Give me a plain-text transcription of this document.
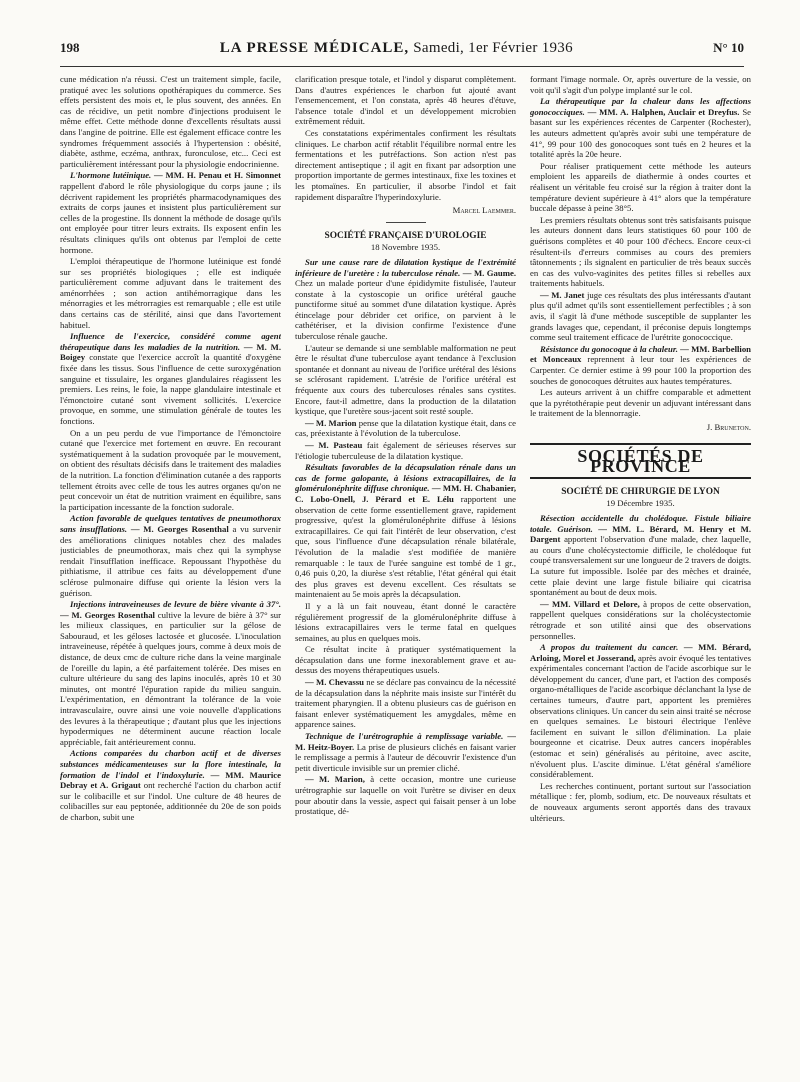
198	LA PRESSE MÉDICALE, Samedi, 1er Février 1936	N° 10

cune médication n'a réussi. C'est un traitement simple, facile, pratiqué avec les solutions opothérapiques du commerce. Ses effets persistent des mois et, le plus souvent, des années. En cas de récidive, un petit nombre d'injections produisent le même effet. Cette méthode donne d'excellents résultats aussi dans l'angine de poitrine. Elle est également efficace contre les syndromes fréquemment associés à l'hypertension : obésité, diabète, asthme, eczéma, anthrax, furonculose, etc... Ceci est particulièrement intéressant pour la physiologie endocrinienne.

L'hormone lutéinique. — MM. H. Penau et H. Simonnet rappellent d'abord le rôle physiologique du corps jaune ; ils décrivent rapidement les propriétés pharmacodynamiques des extraits de corps jaunes et insistent plus particulièrement sur celles de la progestine. Ils donnent la méthode de dosage qu'ils ont employée pour titrer leurs extraits. Ils exposent enfin les résultats cliniques qu'ils ont obtenus par l'emploi de cette hormone.

L'emploi thérapeutique de l'hormone lutéinique est fondé sur ses propriétés biologiques ; elle est indiquée particulièrement comme adjuvant dans le traitement des aménorrhées ; son action antihémorragique dans les ménorragies et les métrorragies est remarquable ; elle est utile dans certains cas de stérilité, ainsi que dans l'avortement habituel.

Influence de l'exercice, considéré comme agent thérapeutique dans les maladies de la nutrition. — M. M. Boigey constate que l'exercice accroît la quantité d'oxygène fixée dans les tissus. Sous l'influence de cette suroxygénation sanguine et tissulaire, les organes glandulaires réagissent les premiers. Les reins, le foie, la nappe glandulaire intestinale et l'émonctoire cutané sont vivement sollicités. L'exercice provoque, en somme, une stimulation générale de toutes les fonctions.

On a un peu perdu de vue l'importance de l'émonctoire cutané que l'exercice met fortement en œuvre. En recourant systématiquement à la sudation provoquée par le mouvement, on obtient des résultats décisifs dans le traitement des maladies de la nutrition. La fonction d'élimination cutanée a des rapports tellement étroits avec celle de tous les autres organes qu'on ne peut concevoir un état de nutrition vraiment en équilibre, sans la participation incessante de la fonction sudorale.

Action favorable de quelques tentatives de pneumothorax sans insufflations. — M. Georges Rosenthal a vu survenir des améliorations cliniques notables chez des malades justiciables de pneumothorax, mais chez qui la symphyse rendait l'insufflation inefficace. Repoussant l'hypothèse du pithiatisme, il attribue ces faits au développement d'une sclérose pulmonaire diffuse qui oriente la lésion vers la guérison.

Injections intraveineuses de levure de bière vivante à 37°. — M. Georges Rosenthal cultive la levure de bière à 37° sur les milieux classiques, en particulier sur la gélose de Sabouraud, et les géloses lactosée et glucosée. L'inoculation intraveineuse, répétée à quelques jours, comme à deux mois de distance, de deux cmc de culture riche dans la veine marginale de l'oreille du lapin, a été parfaitement tolérée. Des mises en culture ultérieure du sang des lapins inoculés, après 10 et 30 minutes, ont montré l'épuration rapide du milieu sanguin. L'expérimentation, en démontrant la tolérance de la voie intravasculaire, ouvre ainsi une voie nouvelle d'applications des levures à la thérapeutique ; d'autant plus que les injections hypodermiques ne déterminent aucune réaction locale appréciable, fait antérieurement connu.

Actions comparées du charbon actif et de diverses substances médicamenteuses sur la flore intestinale, la formation de l'indol et l'indoxylurie. — MM. Maurice Debray et A. Grigaut ont recherché l'action du charbon actif sur le colibacille et sur l'indol. Une culture de 48 heures de colibacilles sur eau peptonée, additionnée du 20e de son poids de charbon, subit une

clarification presque totale, et l'indol y disparut complètement. Dans d'autres expériences le charbon fut ajouté avant l'ensemencement, et l'on constata, après 48 heures d'étuve, l'absence totale d'indol et un développement microbien extrêmement réduit.

Ces constatations expérimentales confirment les résultats cliniques. Le charbon actif rétablit l'équilibre normal entre les fermentations et les putréfactions. Son action n'est pas directement antiseptique ; il agit en fixant par adsorption une proportion importante de germes intestinaux, fixe les toxines et les ptomaïnes. En particulier, il absorbe l'indol et fait rapidement disparaître l'hyperindoxylurie.

Marcel Laemmer.

SOCIÉTÉ FRANÇAISE D'UROLOGIE
18 Novembre 1935.

Sur une cause rare de dilatation kystique de l'extrémité inférieure de l'uretère : la tuberculose rénale. — M. Gaume. Chez un malade porteur d'une épididymite fistulisée, l'auteur constate à la cystoscopie un orifice urétéral gauche punctiforme situé au sommet d'une dilatation kystique. Après étincelage pour débrider cet orifice, on parvient à le cathétériser, et la division confirme l'existence d'une tuberculose rénale gauche.

L'auteur se demande si une semblable malformation ne peut être le résultat d'une tuberculose ayant tendance à l'exclusion spontanée et donnant au niveau de l'orifice urétéral des lésions se sclérosant rapidement. L'atrésie de l'orifice urétéral est fréquente aux cours des tuberculoses rénales sans cystites. Encore, faut-il admettre, dans la production de la dilatation kystique, que l'uretère sous-jacent soit resté souple.

— M. Marion pense que la dilatation kystique était, dans ce cas, préexistante à l'évolution de la tuberculose.

— M. Pasteau fait également de sérieuses réserves sur l'étiologie tuberculeuse de la dilatation kystique.

Résultats favorables de la décapsulation rénale dans un cas de forme galopante, à lésions extracapillaires, de la glomérulonéphrite diffuse chronique. — MM. H. Chabanier, C. Lobo-Onell, J. Pérard et E. Lélu rapportent une observation de cette forme essentiellement grave, rapidement progressive, qu'est la glomérulonéphrite diffuse à lésions extracapillaires. Ce qui fait l'intérêt de leur observation, c'est que, sous l'influence d'une décapsulation rénale bilatérale, l'évolution de la maladie s'est modifiée de manière remarquable : le taux de l'urée sanguine est tombé de 1 gr., 0,46 puis 0,20, la diurèse s'est rétablie, l'état général qui était des plus graves est devenu excellent. Ces résultats se maintenaient au 5e mois après la décapsulation.

Il y a là un fait nouveau, étant donné le caractère régulièrement progressif de la glomérulonéphrite diffuse à lésions extracapillaires vers le terme fatal en quelques semaines, au plus en quelques mois.

Ce résultat incite à pratiquer systématiquement la décapsulation dans une forme inexorablement grave et au-dessus des moyens thérapeutiques usuels.

— M. Chevassu ne se déclare pas convaincu de la nécessité de la décapsulation dans la néphrite mais insiste sur l'intérêt du traitement pharyngien. Il a obtenu plusieurs cas de guérison en faisant enlever systématiquement les amygdales, même en apparence saines.

Technique de l'urétrographie à remplissage variable. — M. Heitz-Boyer. La prise de plusieurs clichés en faisant varier le remplissage a permis à l'auteur de découvrir l'existence d'un petit diverticule invisible sur un premier cliché.

— M. Marion, à cette occasion, montre une curieuse urétrographie sur laquelle on voit l'urètre se diviser en deux pour aboutir dans la vessie, aspect qui faisait penser à un lobe prostatique, dé-

formant l'image normale. Or, après ouverture de la vessie, on voit qu'il s'agit d'un polype implanté sur le col.

La thérapeutique par la chaleur dans les affections gonococciques. — MM. A. Halphen, Auclair et Dreyfus. Se basant sur les expériences récentes de Carpenter (Rochester), les auteurs admettent qu'après avoir subi une température de 41°, 99 pour 100 des gonocoques sont tués en 2 heures et la totalité après la 20e heure.

Pour réaliser pratiquement cette méthode les auteurs emploient les appareils de diathermie à ondes courtes et réalisent un véritable feu croisé sur la région à traiter dont la température devient supérieure à 41° alors que la température buccale dépasse à peine 38°5.

Les premiers résultats obtenus sont très satisfaisants puisque les auteurs donnent dans leurs statistiques 60 pour 100 de guérisons complètes et 40 pour 100 d'échecs. Encore ceux-ci résultent-ils d'erreurs commises au cours des premiers tâtonnements ; ils signalent en particulier de très beaux succès en cas des vulvo-vaginites des petites filles si rebelles aux traitements habituels.

— M. Janet juge ces résultats des plus intéressants d'autant plus qu'il admet qu'ils sont essentiellement perfectibles ; à son avis, il s'agit là d'une méthode susceptible de supplanter les grands lavages que, cependant, il préconise depuis longtemps comme seul traitement efficace de l'urétrite gonococcique.

Résistance du gonocoque à la chaleur. — MM. Barbellion et Monceaux reprennent à leur tour les expériences de Carpenter. Ce dernier estime à 99 pour 100 la proportion des souches de gonocoques détruites aux hautes températures.

Les auteurs arrivent à un chiffre comparable et admettent que la pyrétothérapie peut devenir un adjuvant intéressant dans le traitement de la blennorragie.

J. Bruneton.

SOCIÉTÉS DE PROVINCE
SOCIÉTÉ DE CHIRURGIE DE LYON
19 Décembre 1935.

Résection accidentelle du cholédoque. Fistule biliaire totale. Guérison. — MM. L. Bérard, M. Henry et M. Dargent apportent l'observation d'une malade, chez laquelle, au cours d'une cholécystectomie difficile, le cholédoque fut coupé transversalement sur une longueur de 2 travers de doigts. La suture fut impossible. Isolée par des mèches et drainée, cette plaie devint une large fistule biliaire qui cicatrisa spontanément au bout de deux mois.

— MM. Villard et Delore, à propos de cette observation, rappellent quelques considérations sur la cholécystectomie rétrograde et son utilité ainsi que des observations personnelles.

A propos du traitement du cancer. — MM. Bérard, Arloing, Morel et Josserand, après avoir évoqué les tentatives expérimentales concernant l'action de l'acide ascorbique sur le développement du cancer, d'une part, et l'action des composés organo-métalliques de l'acide ascorbique déclanchant la lyse de certaines tumeurs, d'autre part, apportent les premières observations cliniques. Un cancer du sein ainsi traité se nécrose en quelques semaines. Le bistouri électrique l'enlève facilement en suivant le sillon d'élimination. La plaie bourgeonne et cicatrise. Deux autres cancers inopérables (estomac et sein) généralisés au péritoine, avec ascite, n'évoluent plus. L'ascite diminue. L'état général s'améliore considérablement.

Les recherches continuent, portant surtout sur l'association métallique : fer, plomb, sodium, etc. De nouveaux résultats et de nouveaux arguments seront apportés dans des travaux ultérieurs.
